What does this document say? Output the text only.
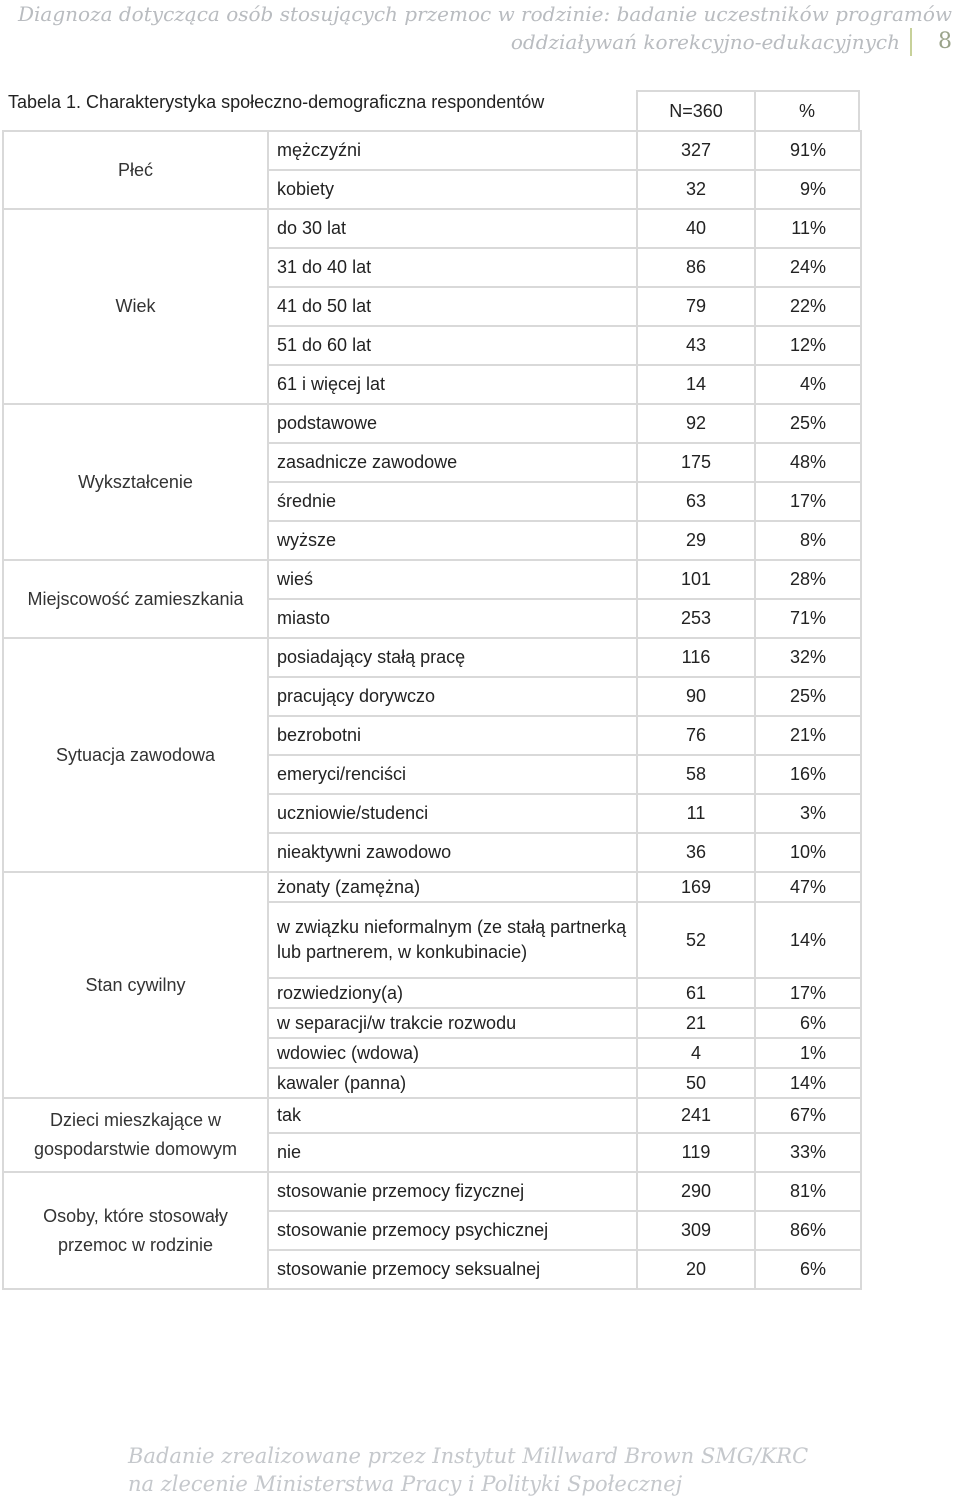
Diagnoza dotycząca osób stosujących przemoc w rodzinie: badanie uczestników programów
oddziaływań korekcyjno-edukacyjnych	8
Tabela 1. Charakterystyka społeczno-demograficzna respondentów	N=360	%
Płeć	mężczyźni	327	91%
	kobiety	32	9%
Wiek	do 30 lat	40	11%
	31 do 40 lat	86	24%
	41 do 50 lat	79	22%
	51 do 60 lat	43	12%
	61 i więcej lat	14	4%
Wykształcenie	podstawowe	92	25%
	zasadnicze zawodowe	175	48%
	średnie	63	17%
	wyższe	29	8%
Miejscowość zamieszkania	wieś	101	28%
	miasto	253	71%
Sytuacja zawodowa	posiadający stałą pracę	116	32%
	pracujący dorywczo	90	25%
	bezrobotni	76	21%
	emeryci/renciści	58	16%
	uczniowie/studenci	11	3%
	nieaktywni zawodowo	36	10%
Stan cywilny	żonaty (zamężna)	169	47%
	w związku nieformalnym (ze stałą partnerką lub partnerem, w konkubinacie)	52	14%
	rozwiedziony(a)	61	17%
	w separacji/w trakcie rozwodu	21	6%
	wdowiec (wdowa)	4	1%
	kawaler (panna)	50	14%
Dzieci mieszkające w gospodarstwie domowym	tak	241	67%
	nie	119	33%
Osoby, które stosowały przemoc w rodzinie	stosowanie przemocy fizycznej	290	81%
	stosowanie przemocy psychicznej	309	86%
	stosowanie przemocy seksualnej	20	6%
Badanie zrealizowane przez Instytut Millward Brown SMG/KRC
na zlecenie Ministerstwa Pracy i Polityki Społecznej
